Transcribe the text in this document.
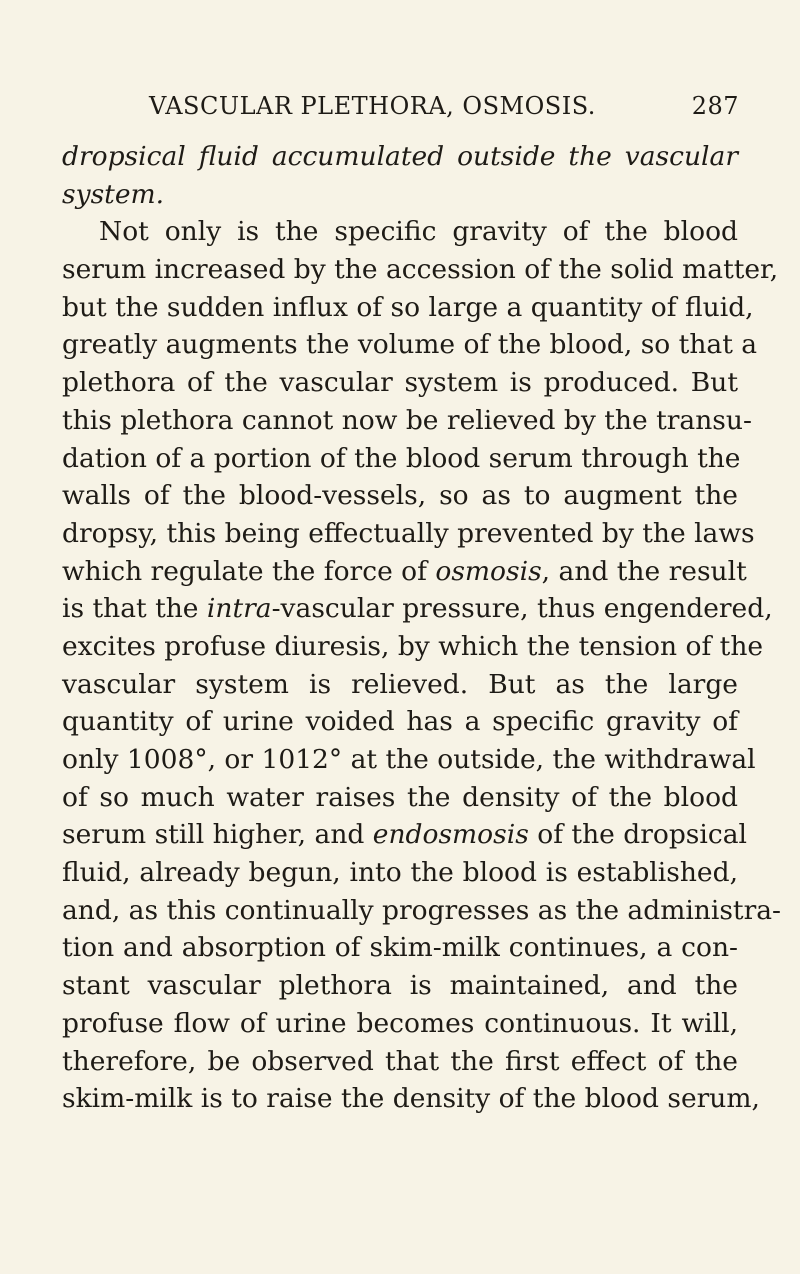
VASCULAR PLETHORA, OSMOSIS.	287
dropsical fluid accumulated outside the vascular
system.
Not only is the specific gravity of the blood
serum increased by the accession of the solid matter,
but the sudden influx of so large a quantity of fluid,
greatly augments the volume of the blood, so that a
plethora of the vascular system is produced. But
this plethora cannot now be relieved by the transu-
dation of a portion of the blood serum through the
walls of the blood-vessels, so as to augment the
dropsy, this being effectually prevented by the laws
which regulate the force of osmosis, and the result
is that the intra-vascular pressure, thus engendered,
excites profuse diuresis, by which the tension of the
vascular system is relieved. But as the large
quantity of urine voided has a specific gravity of
only 1008°, or 1012° at the outside, the withdrawal
of so much water raises the density of the blood
serum still higher, and endosmosis of the dropsical
fluid, already begun, into the blood is established,
and, as this continually progresses as the administra-
tion and absorption of skim-milk continues, a con-
stant vascular plethora is maintained, and the
profuse flow of urine becomes continuous. It will,
therefore, be observed that the first effect of the
skim-milk is to raise the density of the blood serum,
